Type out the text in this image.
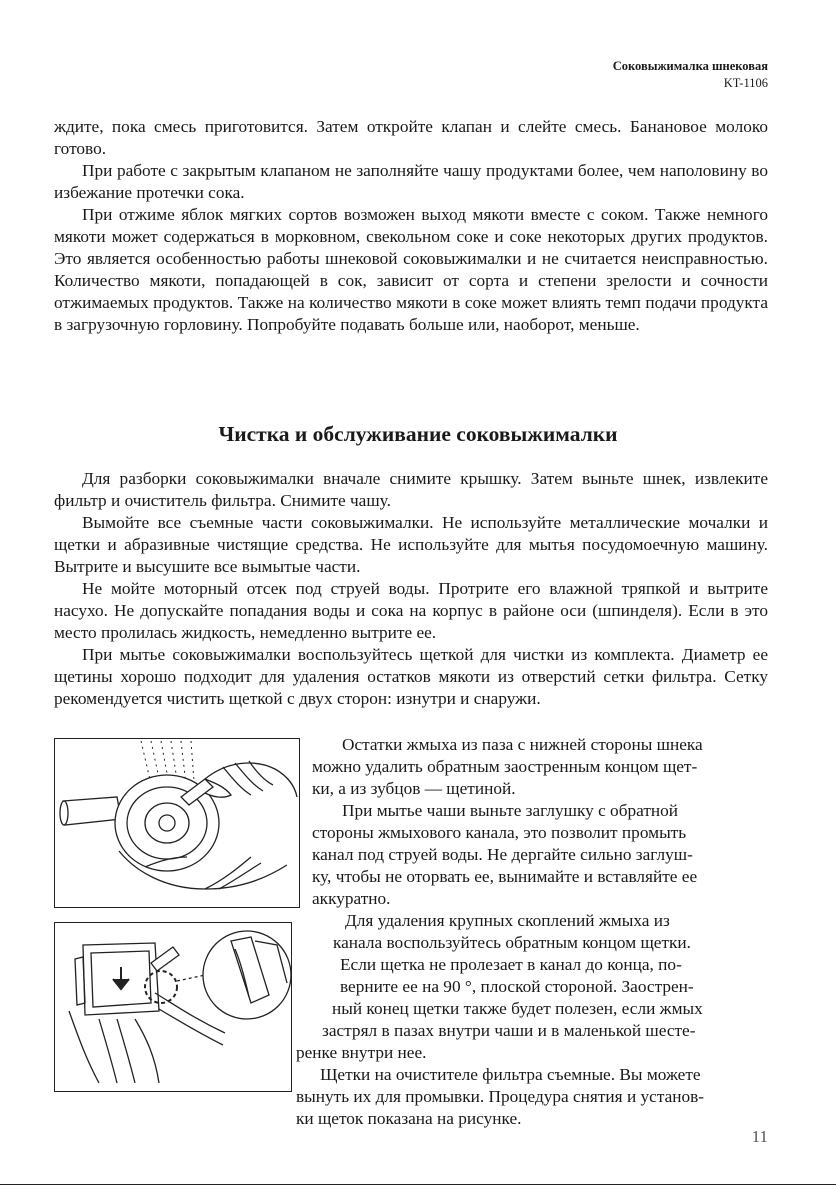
Соковыжималка шнековая
KT-1106

ждите, пока смесь приготовится. Затем откройте клапан и слейте смесь. Банановое молоко готово.

При работе с закрытым клапаном не заполняйте чашу продуктами более, чем наполовину во избежание протечки сока.

При отжиме яблок мягких сортов возможен выход мякоти вместе с соком. Также немного мякоти может содержаться в морковном, свекольном соке и соке некоторых других продуктов. Это является особенностью работы шнековой соковыжималки и не считается неисправностью. Количество мякоти, попадающей в сок, зависит от сорта и степени зрелости и сочности отжимаемых продуктов. Также на количество мякоти в соке может влиять темп подачи продукта в загрузочную горловину. Попробуйте подавать больше или, наоборот, меньше.

Чистка и обслуживание соковыжималки

Для разборки соковыжималки вначале снимите крышку. Затем выньте шнек, извлеките фильтр и очиститель фильтра. Снимите чашу.

Вымойте все съемные части соковыжималки. Не используйте металлические мочалки и щетки и абразивные чистящие средства. Не используйте для мытья посудомоечную машину. Вытрите и высушите все вымытые части.

Не мойте моторный отсек под струей воды. Протрите его влажной тряпкой и вытрите насухо. Не допускайте попадания воды и сока на корпус в районе оси (шпинделя). Если в это место пролилась жидкость, немедленно вытрите ее.

При мытье соковыжималки воспользуйтесь щеткой для чистки из комплекта. Диаметр ее щетины хорошо подходит для удаления остатков мякоти из отверстий сетки фильтра. Сетку рекомендуется чистить щеткой с двух сторон: изнутри и снаружи.

Остатки жмыха из паза с нижней стороны шнека
можно удалить обратным заостренным концом щет-
ки, а из зубцов — щетиной.
При мытье чаши выньте заглушку с обратной
стороны жмыхового канала, это позволит промыть
канал под струей воды. Не дергайте сильно заглуш-
ку, чтобы не оторвать ее, вынимайте и вставляйте ее
аккуратно.
Для удаления крупных скоплений жмыха из
канала воспользуйтесь обратным концом щетки.
Если щетка не пролезает в канал до конца, по-
верните ее на 90 °, плоской стороной. Заострен-
ный конец щетки также будет полезен, если жмых
застрял в пазах внутри чаши и в маленькой шесте-
ренке внутри нее.
Щетки на очистителе фильтра съемные. Вы можете
вынуть их для промывки. Процедура снятия и установ-
ки щеток показана на рисунке.
11
